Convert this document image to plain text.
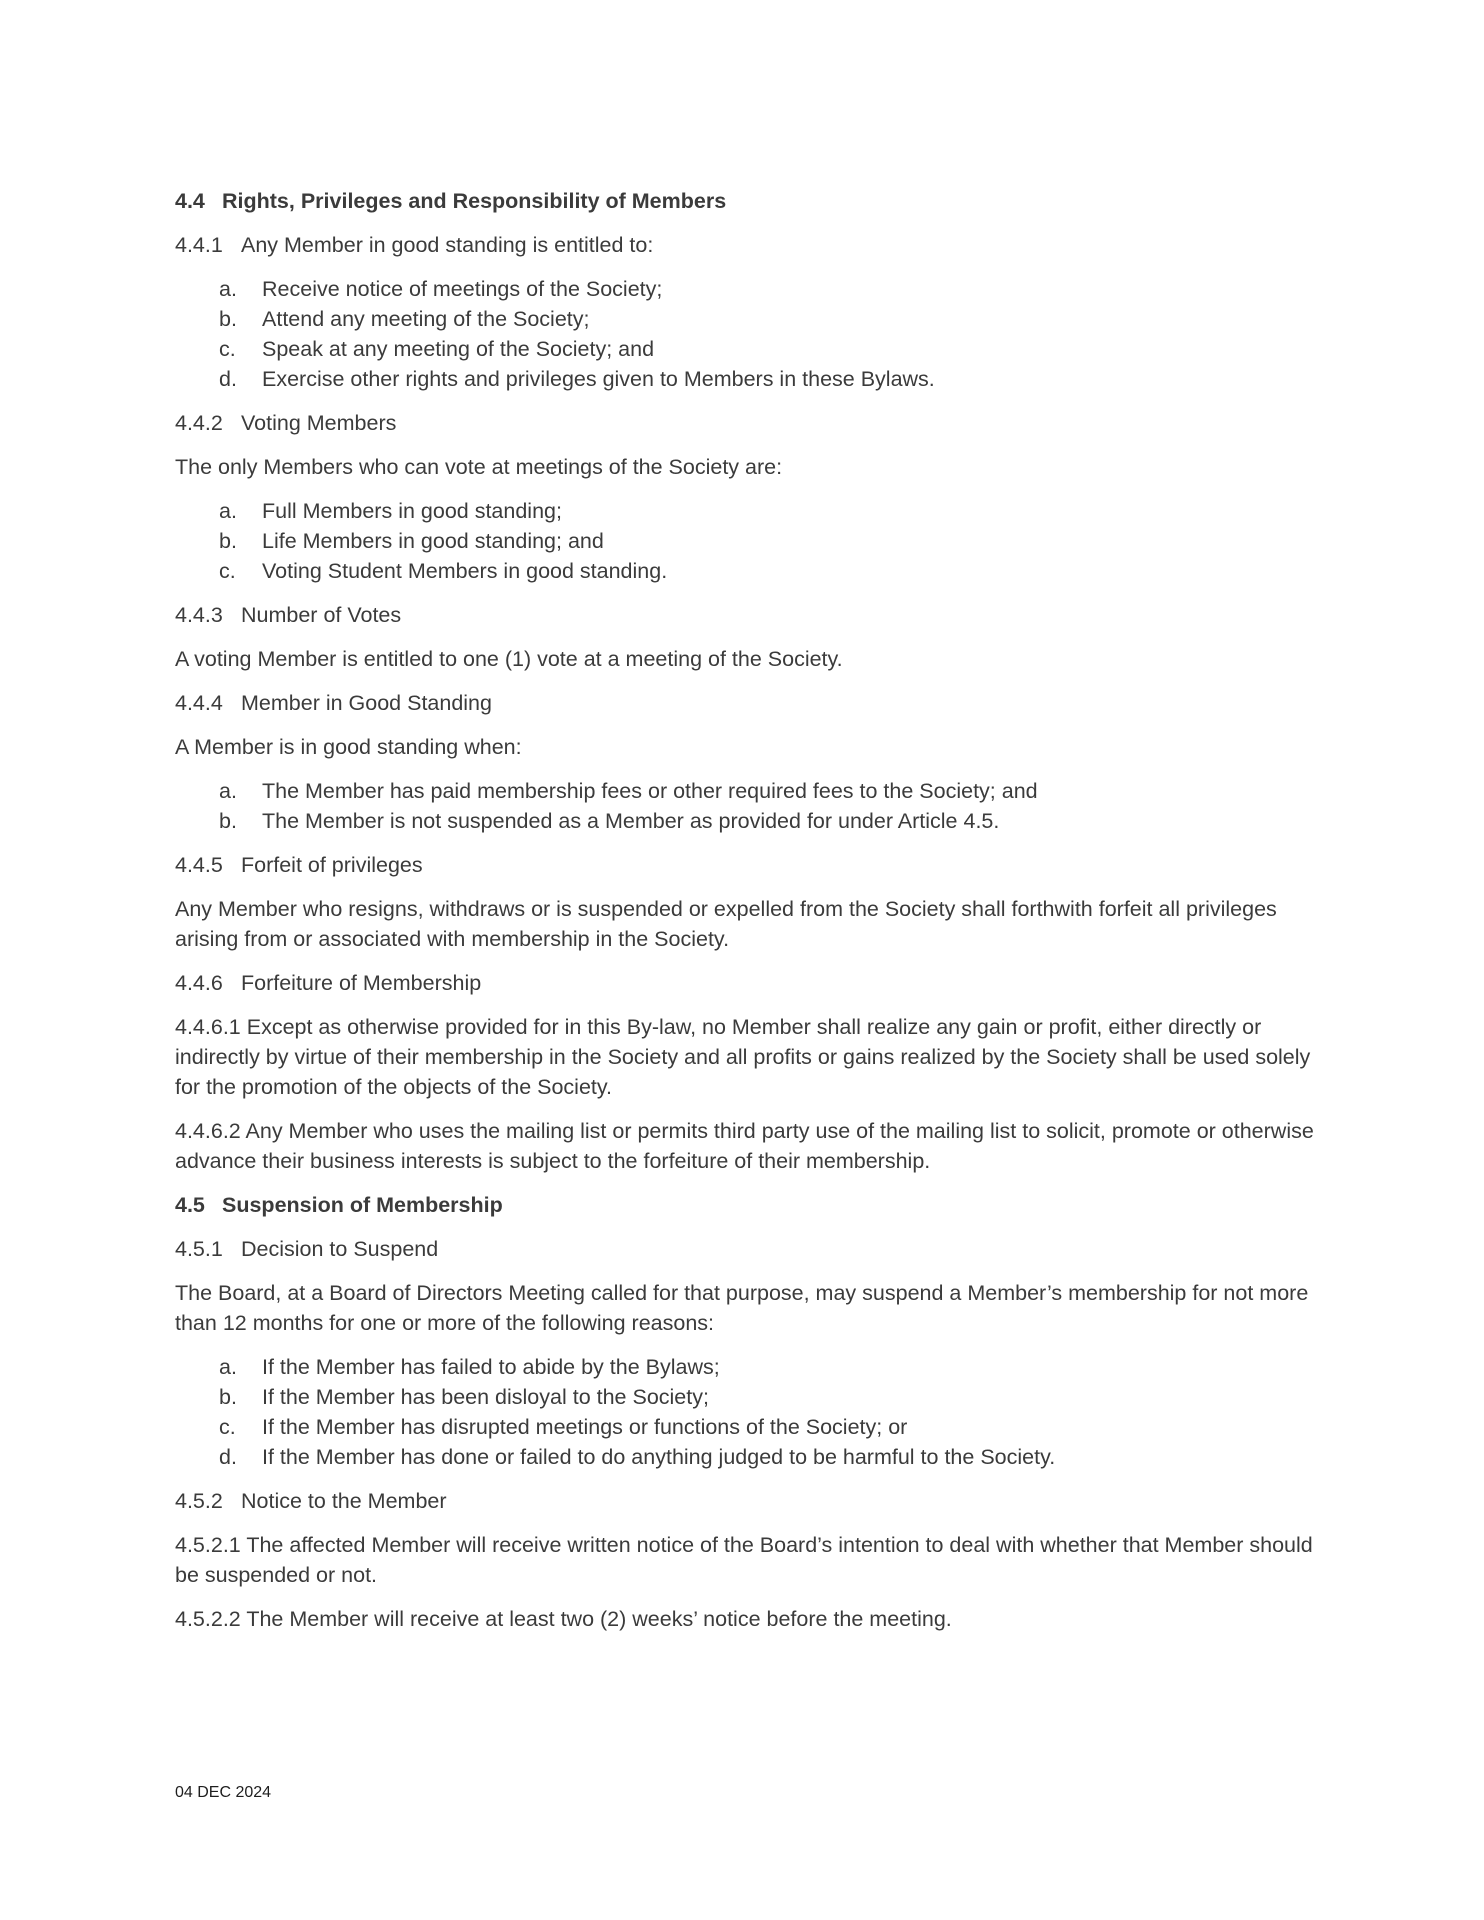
4.4 Rights, Privileges and Responsibility of Members

4.4.1 Any Member in good standing is entitled to:

a.	Receive notice of meetings of the Society;
b.	Attend any meeting of the Society;
c.	Speak at any meeting of the Society; and
d.	Exercise other rights and privileges given to Members in these Bylaws.

4.4.2 Voting Members

The only Members who can vote at meetings of the Society are:

a.	Full Members in good standing;
b.	Life Members in good standing; and
c.	Voting Student Members in good standing.

4.4.3 Number of Votes

A voting Member is entitled to one (1) vote at a meeting of the Society.

4.4.4 Member in Good Standing

A Member is in good standing when:

a.	The Member has paid membership fees or other required fees to the Society; and
b.	The Member is not suspended as a Member as provided for under Article 4.5.

4.4.5 Forfeit of privileges

Any Member who resigns, withdraws or is suspended or expelled from the Society shall forthwith forfeit all privileges arising from or associated with membership in the Society.

4.4.6 Forfeiture of Membership

4.4.6.1 Except as otherwise provided for in this By-law, no Member shall realize any gain or profit, either directly or indirectly by virtue of their membership in the Society and all profits or gains realized by the Society shall be used solely for the promotion of the objects of the Society.

4.4.6.2 Any Member who uses the mailing list or permits third party use of the mailing list to solicit, promote or otherwise advance their business interests is subject to the forfeiture of their membership.

4.5 Suspension of Membership

4.5.1 Decision to Suspend

The Board, at a Board of Directors Meeting called for that purpose, may suspend a Member’s membership for not more than 12 months for one or more of the following reasons:

a.	If the Member has failed to abide by the Bylaws;
b.	If the Member has been disloyal to the Society;
c.	If the Member has disrupted meetings or functions of the Society; or
d.	If the Member has done or failed to do anything judged to be harmful to the Society.

4.5.2 Notice to the Member

4.5.2.1 The affected Member will receive written notice of the Board’s intention to deal with whether that Member should be suspended or not.

4.5.2.2 The Member will receive at least two (2) weeks’ notice before the meeting.

04 DEC 2024
